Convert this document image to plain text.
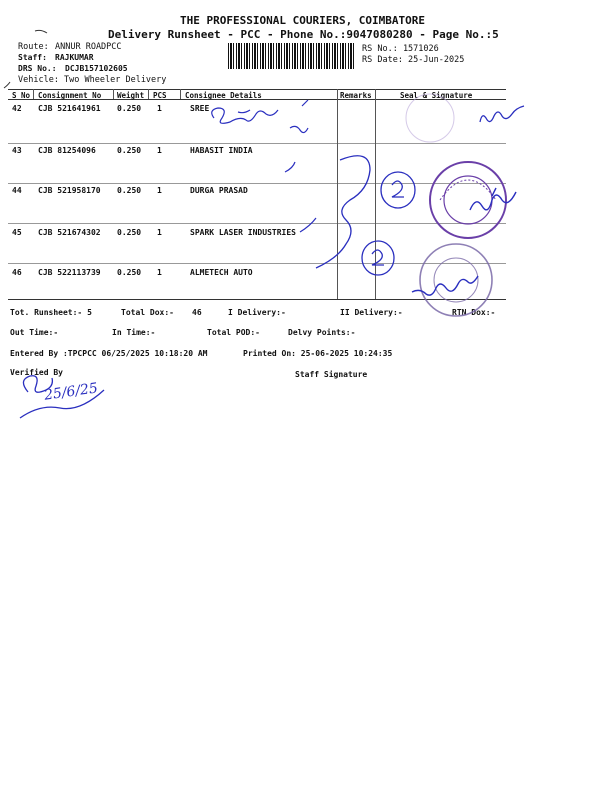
THE PROFESSIONAL COURIERS, COIMBATORE
Delivery Runsheet - PCC - Phone No.:9047080280 - Page No.:5
Route: ANNUR ROADPCC
Staff: RAJKUMAR
DRS No.: DCJB157102605
Vehicle: Two Wheeler Delivery
RS No.: 1571026
RS Date: 25-Jun-2025
S No Consignment No Weight PCS Consignee Details	Remarks	Seal & Signature
42 CJB 521641961 0.250 1	SREE
43 CJB 81254096	0.250 1	HABASIT INDIA
44 CJB 521958170 0.250 1	DURGA PRASAD
45 CJB 521674302 0.250 1	SPARK LASER INDUSTRIES
46 CJB 522113739 0.250 1	ALMETECH AUTO
Tot. Runsheet:- 5	Total Dox:- 46	I Delivery:-	II Delivery:-	RTN Dox:-
Out Time:-	In Time:-	Total POD:-	Delvy Points:-
Entered By :TPCPCC 06/25/2025 10:18:20 AM	Printed On: 25-06-2025 10:24:35
Verified By	Staff Signature
25/6/25
